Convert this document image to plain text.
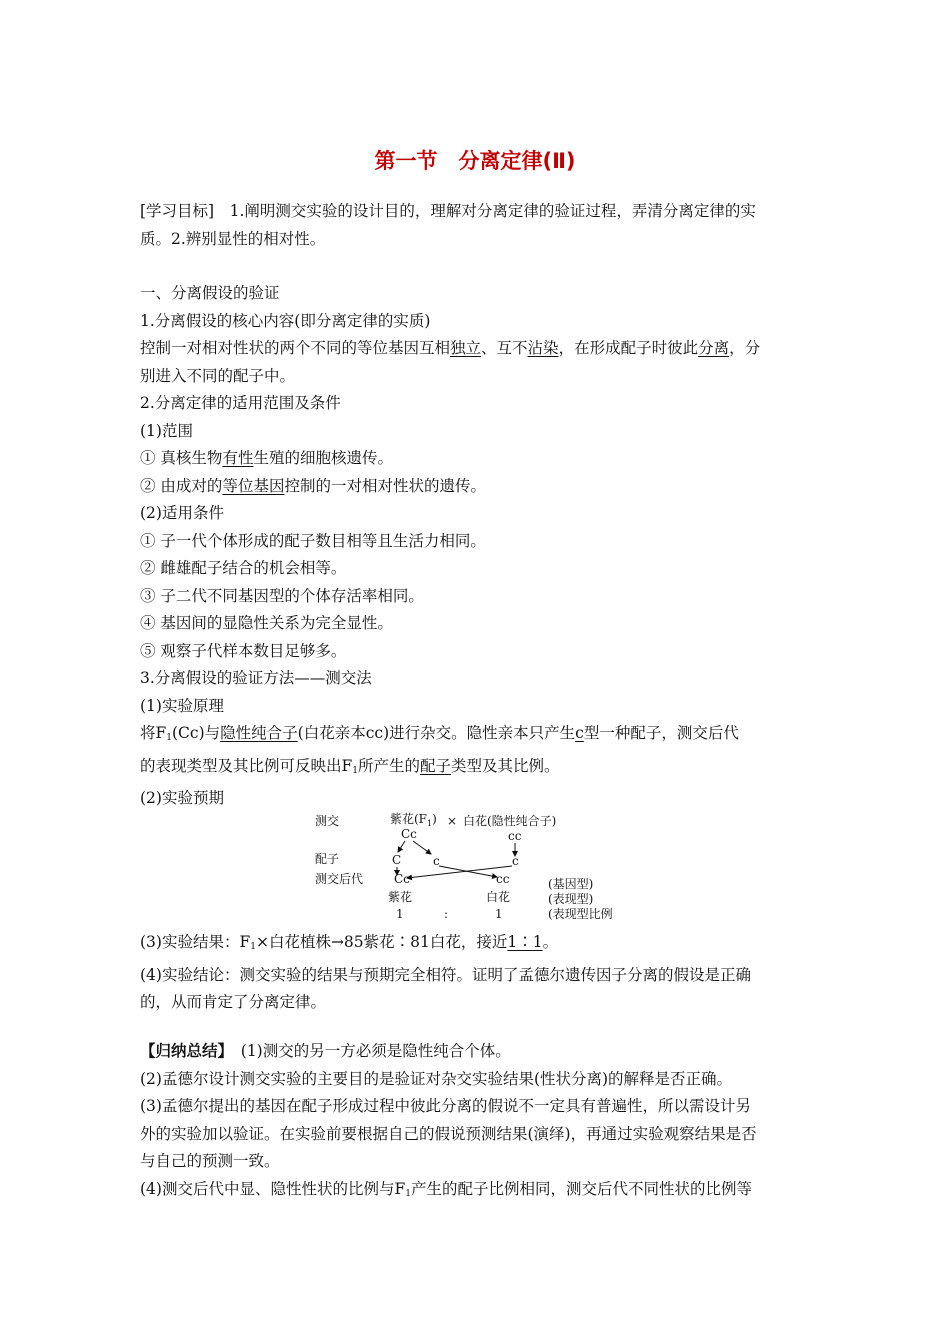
第一节　分离定律(Ⅱ)
[学习目标]　1.阐明测交实验的设计目的，理解对分离定律的验证过程，弄清分离定律的实
质。2.辨别显性的相对性。
一、分离假设的验证
1.分离假设的核心内容(即分离定律的实质)
控制一对相对性状的两个不同的等位基因互相独立、互不沾染，在形成配子时彼此分离，分
别进入不同的配子中。
2.分离定律的适用范围及条件
(1)范围
① 真核生物有性生殖的细胞核遗传。
② 由成对的等位基因控制的一对相对性状的遗传。
(2)适用条件
① 子一代个体形成的配子数目相等且生活力相同。
② 雌雄配子结合的机会相等。
③ 子二代不同基因型的个体存活率相同。
④ 基因间的显隐性关系为完全显性。
⑤ 观察子代样本数目足够多。
3.分离假设的验证方法——测交法
(1)实验原理
将$F_1(Cc)$与隐性纯合子(白花亲本cc)进行杂交。隐性亲本只产生c型一种配子，测交后代
的表现类型及其比例可反映出$F_1$所产生的配子类型及其比例。
(2)实验预期
测交	紫花$(F_1)$ × 白花(隐性纯合子)
Cc	cc
配子	C	c	c
测交后代	Cc	cc	(基因型)
紫花	白花	(表现型)
1	:	1	(表现型比例
(3)实验结果：$F_1\times$白花植株→85紫花∶81白花，接近1∶1。
(4)实验结论：测交实验的结果与预期完全相符。证明了孟德尔遗传因子分离的假设是正确
的，从而肯定了分离定律。
【归纳总结】　(1)测交的另一方必须是隐性纯合个体。
(2)孟德尔设计测交实验的主要目的是验证对杂交实验结果(性状分离)的解释是否正确。
(3)孟德尔提出的基因在配子形成过程中彼此分离的假说不一定具有普遍性，所以需设计另
外的实验加以验证。在实验前要根据自己的假说预测结果(演绎)，再通过实验观察结果是否
与自己的预测一致。
(4)测交后代中显、隐性性状的比例与$F_1$产生的配子比例相同，测交后代不同性状的比例等
